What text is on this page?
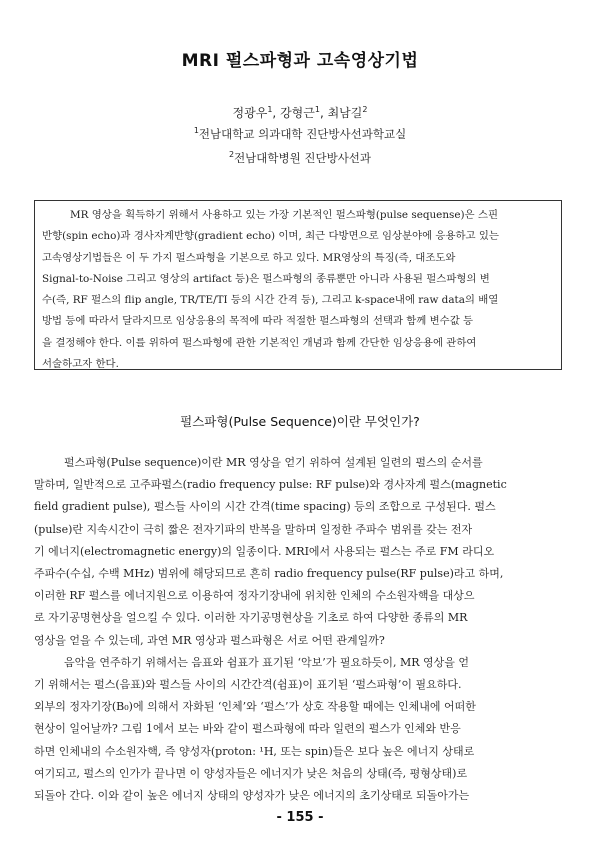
MRI 펄스파형과 고속영상기법
정광우$^1$, 강형근$^1$, 최남길$^2$
$^1$전남대학교 의과대학 진단방사선과학교실
$^2$전남대학병원 진단방사선과
MR 영상을 획득하기 위해서 사용하고 있는 가장 기본적인 펄스파형(pulse sequense)은 스핀
반향(spin echo)과 경사자계반향(gradient echo) 이며, 최근 다방면으로 임상분야에 응용하고 있는
고속영상기법들은 이 두 가지 펄스파형을 기본으로 하고 있다. MR영상의 특징(즉, 대조도와
Signal-to-Noise 그리고 영상의 artifact 등)은 펄스파형의 종류뿐만 아니라 사용된 펄스파형의 변
수(즉, RF 펄스의 flip angle, TR/TE/TI 등의 시간 간격 등), 그리고 k-space내에 raw data의 배열
방법 등에 따라서 달라지므로 임상응용의 목적에 따라 적절한 펄스파형의 선택과 함께 변수값 등
을 결정해야 한다. 이를 위하여 펄스파형에 관한 기본적인 개념과 함께 간단한 임상응용에 관하여
서술하고자 한다.
펄스파형(Pulse Sequence)이란 무엇인가?
펄스파형(Pulse sequence)이란 MR 영상을 얻기 위하여 설계된 일련의 펄스의 순서를
말하며, 일반적으로 고주파펄스(radio frequency pulse: RF pulse)와 경사자계 펄스(magnetic
field gradient pulse), 펄스들 사이의 시간 간격(time spacing) 등의 조합으로 구성된다. 펄스
(pulse)란 지속시간이 극히 짧은 전자기파의 반복을 말하며 일정한 주파수 범위를 갖는 전자
기 에너지(electromagnetic energy)의 일종이다. MRI에서 사용되는 펄스는 주로 FM 라디오
주파수(수십, 수백 MHz) 범위에 해당되므로 흔히 radio frequency pulse(RF pulse)라고 하며,
이러한 RF 펄스를 에너지원으로 이용하여 정자기장내에 위치한 인체의 수소원자핵을 대상으
로 자기공명현상을 얼으킬 수 있다. 이러한 자기공명현상을 기초로 하여 다양한 종류의 MR
영상을 얻을 수 있는데, 과연 MR 영상과 펄스파형은 서로 어떤 관계일까?
음악을 연주하기 위해서는 음표와 쉼표가 표기된 ‘악보’가 필요하듯이, MR 영상을 얻
기 위해서는 펄스(음표)와 펄스들 사이의 시간간격(쉼표)이 표기된 ‘펄스파형’이 필요하다.
외부의 정자기장(B₀)에 의해서 자화된 ‘인체’와 ‘펄스’가 상호 작용할 때에는 인체내에 어떠한
현상이 일어날까? 그림 1에서 보는 바와 같이 펄스파형에 따라 일련의 펄스가 인체와 반응
하면 인체내의 수소원자핵, 즉 양성자(proton: ¹H, 또는 spin)들은 보다 높은 에너지 상태로
여기되고, 펄스의 인가가 끝나면 이 양성자들은 에너지가 낮은 처음의 상태(즉, 평형상태)로
되돌아 간다. 이와 같이 높은 에너지 상태의 양성자가 낮은 에너지의 초기상태로 되돌아가는
- 155 -
